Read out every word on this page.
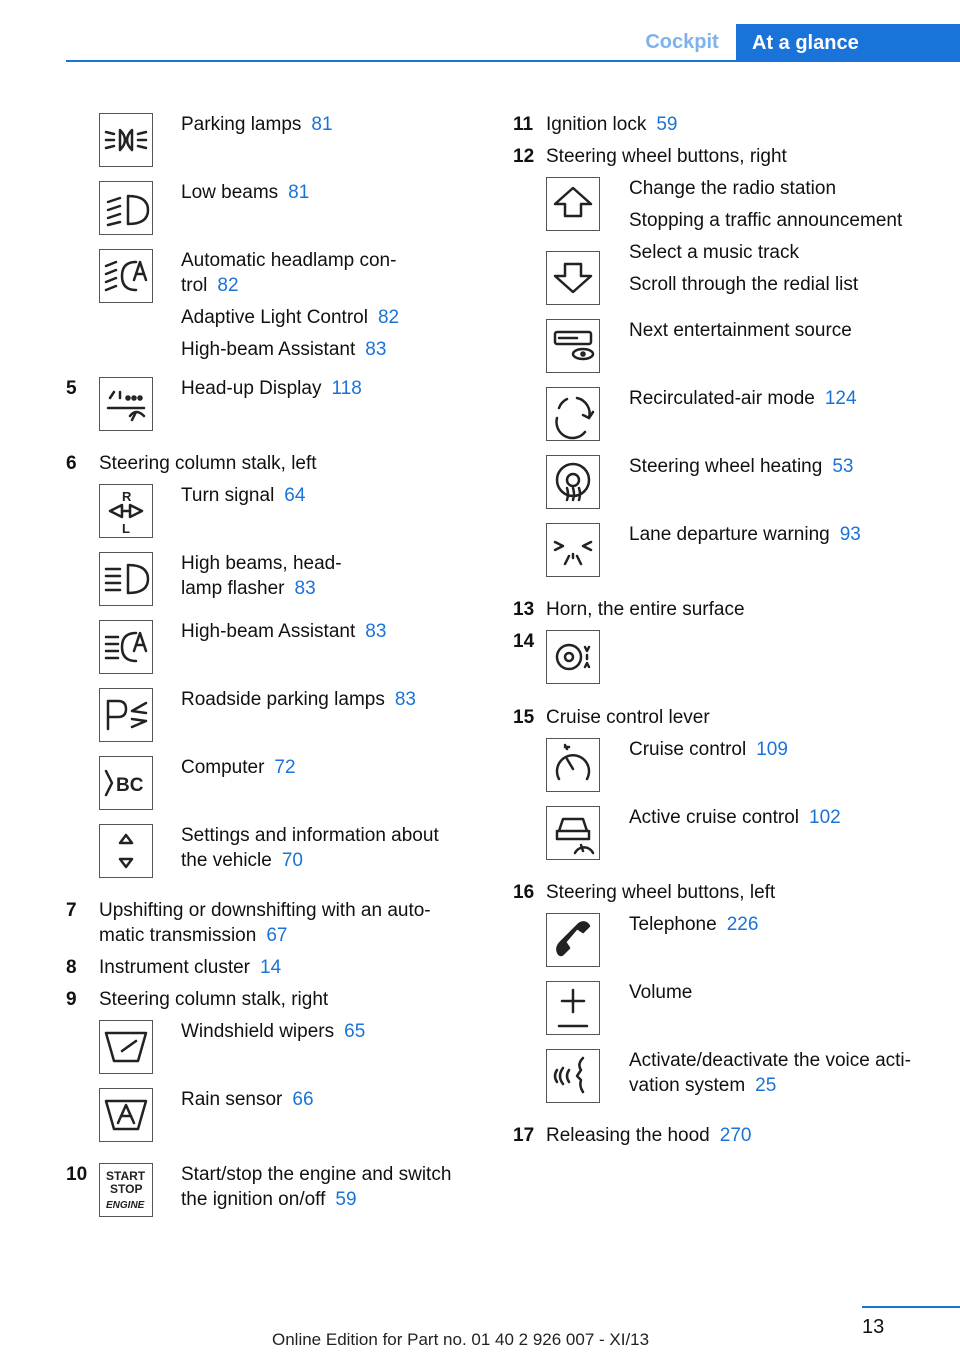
Cockpit	At a glance
Parking lamps 81
Low beams 81
Automatic headlamp con-
trol 82
Adaptive Light Control 82
High-beam Assistant 83
5	Head-up Display 118
6 Steering column stalk, left
R
L
Turn signal 64
High beams, head-
lamp flasher 83
High-beam Assistant 83
Roadside parking lamps 83
BC
Computer 72
Settings and information about
the vehicle 70
7 Upshifting or downshifting with an auto-
matic transmission 67
8 Instrument cluster 14
9 Steering column stalk, right
Windshield wipers 65
Rain sensor 66
10 START
STOP
ENGINE
Start/stop the engine and switch
the ignition on/off 59
11 Ignition lock 59
12 Steering wheel buttons, right
Change the radio station
Stopping a traffic announcement
Select a music track
Scroll through the redial list
Next entertainment source
Recirculated-air mode 124
Steering wheel heating 53
Lane departure warning 93
13 Horn, the entire surface
14
15 Cruise control lever
Cruise control 109
Active cruise control 102
16 Steering wheel buttons, left
Telephone 226
Volume
Activate/deactivate the voice acti-
vation system 25
17 Releasing the hood 270
13
Online Edition for Part no. 01 40 2 926 007 - XI/13
